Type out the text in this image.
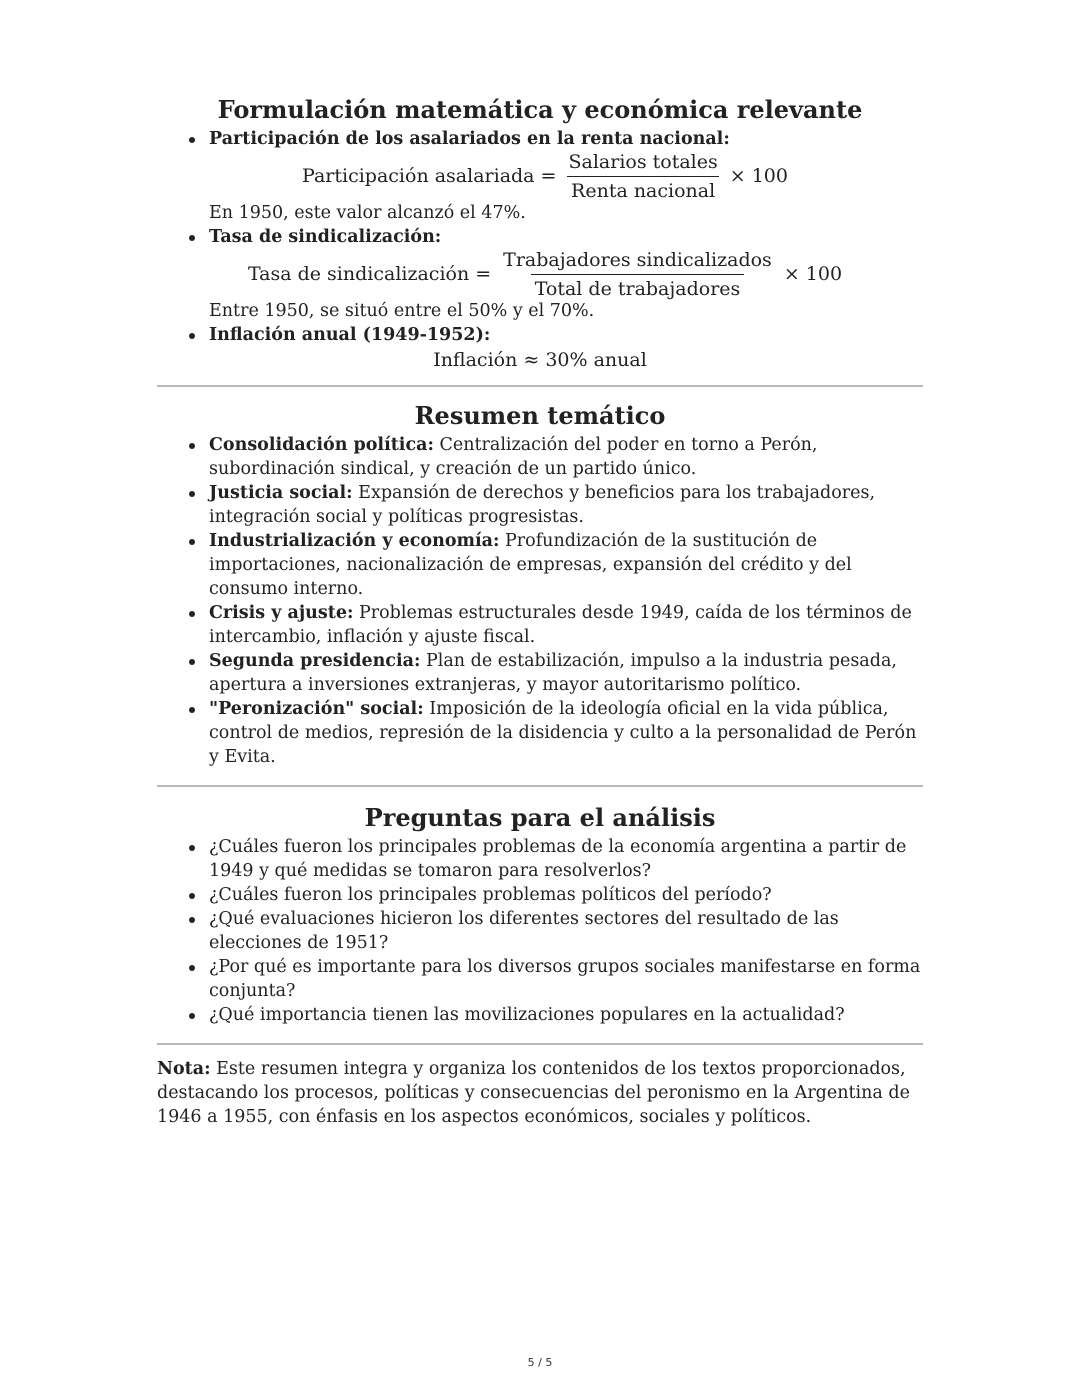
Formulación matemática y económica relevante
Participación de los asalariados en la renta nacional:
Participación asalariada = $\frac{\text{Salarios totales}}{\text{Renta nacional}} \times 100$
En 1950, este valor alcanzó el 47%.
Tasa de sindicalización:
Tasa de sindicalización = $\frac{\text{Trabajadores sindicalizados}}{\text{Total de trabajadores}} \times 100$
Entre 1950, se situó entre el 50% y el 70%.
Inflación anual (1949-1952):
Inflación ≈ 30% anual
Resumen temático
Consolidación política: Centralización del poder en torno a Perón, subordinación sindical, y creación de un partido único.
Justicia social: Expansión de derechos y beneficios para los trabajadores, integración social y políticas progresistas.
Industrialización y economía: Profundización de la sustitución de importaciones, nacionalización de empresas, expansión del crédito y del consumo interno.
Crisis y ajuste: Problemas estructurales desde 1949, caída de los términos de intercambio, inflación y ajuste fiscal.
Segunda presidencia: Plan de estabilización, impulso a la industria pesada, apertura a inversiones extranjeras, y mayor autoritarismo político.
"Peronización" social: Imposición de la ideología oficial en la vida pública, control de medios, represión de la disidencia y culto a la personalidad de Perón y Evita.
Preguntas para el análisis
¿Cuáles fueron los principales problemas de la economía argentina a partir de 1949 y qué medidas se tomaron para resolverlos?
¿Cuáles fueron los principales problemas políticos del período?
¿Qué evaluaciones hicieron los diferentes sectores del resultado de las elecciones de 1951?
¿Por qué es importante para los diversos grupos sociales manifestarse en forma conjunta?
¿Qué importancia tienen las movilizaciones populares en la actualidad?
Nota: Este resumen integra y organiza los contenidos de los textos proporcionados, destacando los procesos, políticas y consecuencias del peronismo en la Argentina de 1946 a 1955, con énfasis en los aspectos económicos, sociales y políticos.
5 / 5
